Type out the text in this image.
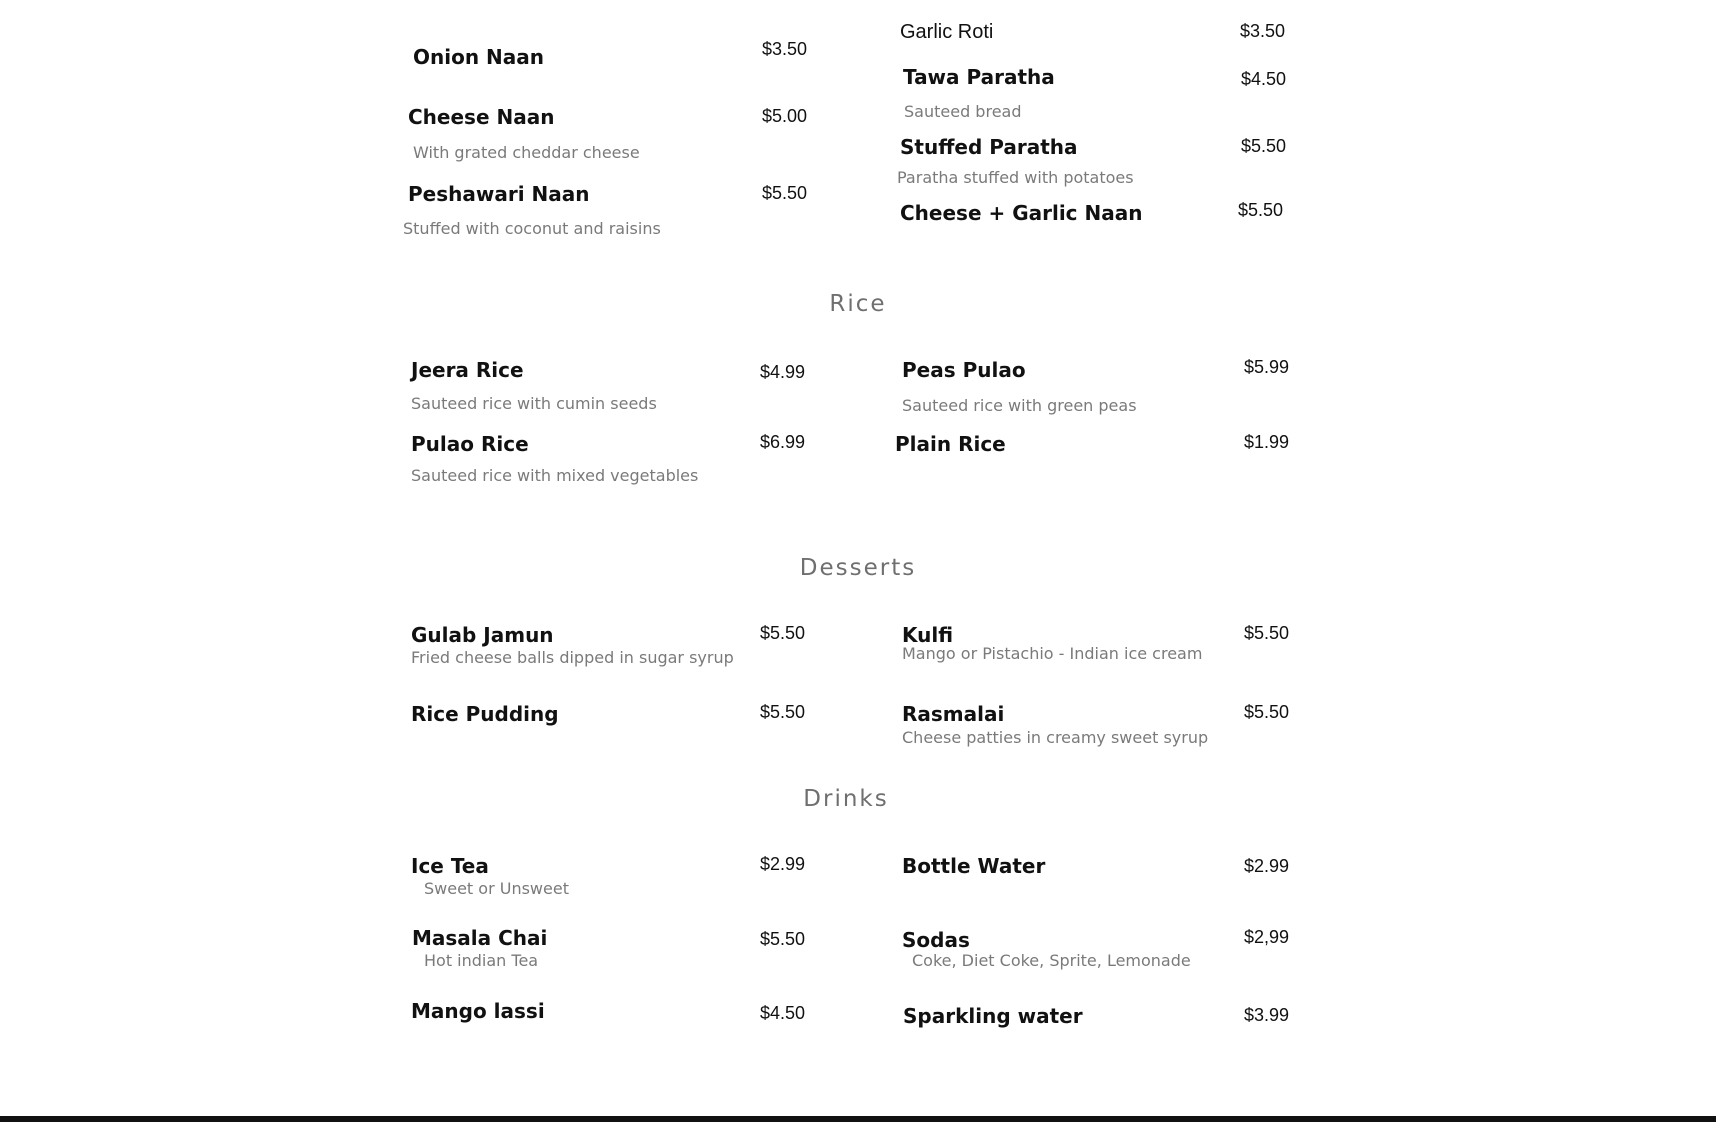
Onion Naan	$3.50
Cheese Naan	$5.00
With grated cheddar cheese
Peshawari Naan	$5.50
Stuffed with coconut and raisins
Garlic Roti	$3.50
Tawa Paratha	$4.50
Sauteed bread
Stuffed Paratha	$5.50
Paratha stuffed with potatoes
Cheese + Garlic Naan	$5.50
Rice
Jeera Rice	$4.99
Sauteed rice with cumin seeds
Pulao Rice	$6.99
Sauteed rice with mixed vegetables
Peas Pulao	$5.99
Sauteed rice with green peas
Plain Rice	$1.99
Desserts
Gulab Jamun	$5.50
Fried cheese balls dipped in sugar syrup
Rice Pudding	$5.50
Kulfi	$5.50
Mango or Pistachio - Indian ice cream
Rasmalai	$5.50
Cheese patties in creamy sweet syrup
Drinks
Ice Tea	$2.99
Sweet or Unsweet
Masala Chai	$5.50
Hot indian Tea
Mango lassi	$4.50
Bottle Water	$2.99
Sodas	$2,99
Coke, Diet Coke, Sprite, Lemonade
Sparkling water	$3.99
